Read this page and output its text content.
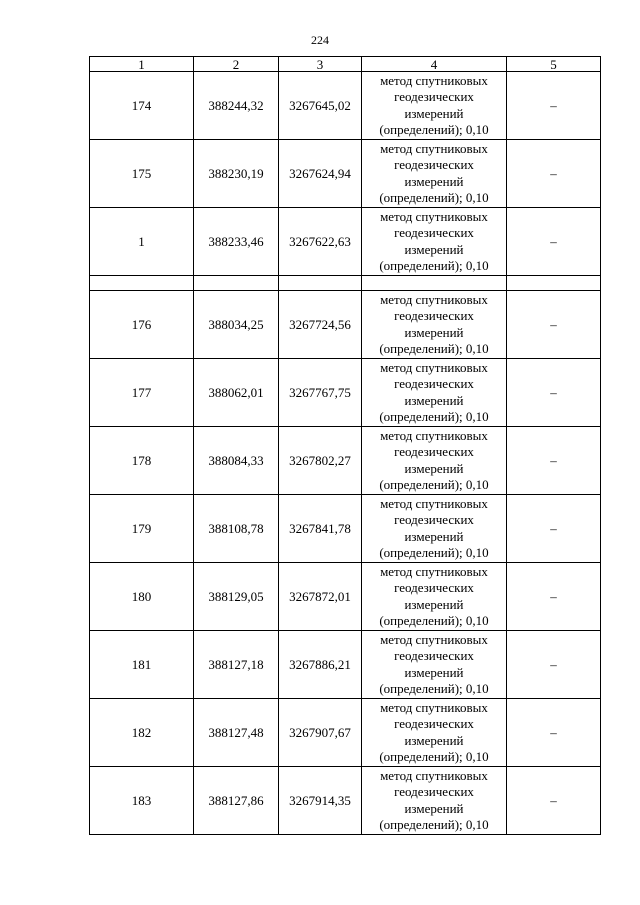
224
1	2	3	4	5
174	388244,32	3267645,02	метод спутниковых
геодезических
измерений
(определений); 0,10	–
175	388230,19	3267624,94	метод спутниковых
геодезических
измерений
(определений); 0,10	–
1	388233,46	3267622,63	метод спутниковых
геодезических
измерений
(определений); 0,10	–

176	388034,25	3267724,56	метод спутниковых
геодезических
измерений
(определений); 0,10	–
177	388062,01	3267767,75	метод спутниковых
геодезических
измерений
(определений); 0,10	–
178	388084,33	3267802,27	метод спутниковых
геодезических
измерений
(определений); 0,10	–
179	388108,78	3267841,78	метод спутниковых
геодезических
измерений
(определений); 0,10	–
180	388129,05	3267872,01	метод спутниковых
геодезических
измерений
(определений); 0,10	–
181	388127,18	3267886,21	метод спутниковых
геодезических
измерений
(определений); 0,10	–
182	388127,48	3267907,67	метод спутниковых
геодезических
измерений
(определений); 0,10	–
183	388127,86	3267914,35	метод спутниковых
геодезических
измерений
(определений); 0,10	–
